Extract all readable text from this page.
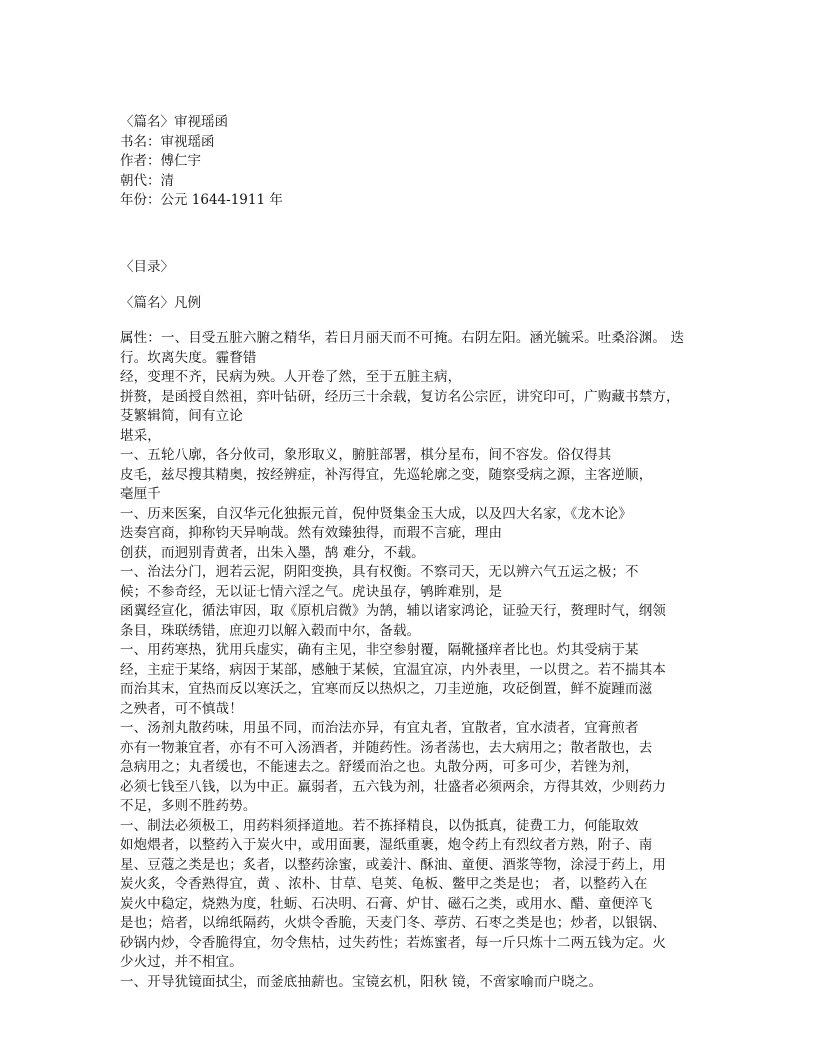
〈篇名〉审视瑶函
书名：审视瑶函
作者：傅仁宇
朝代：清
年份：公元 1644-1911 年
〈目录〉
〈篇名〉凡例
属性：一、目受五脏六腑之精华，若日月丽天而不可掩。右阴左阳。涵光毓采。吐桑浴渊。 迭
行。坎离失度。霾瞀错
经，变理不齐，民病为殃。人开卷了然，至于五脏主病，
拼赘，是函授自然祖，弈叶钻研，经历三十余载，复访名公宗匠，讲究印可，广购藏书禁方，
芟繁辑简，间有立论
堪采，
一、五轮八廓，各分攸司，象形取义，腑脏部署，棋分星布，间不容发。俗仅得其
皮毛，兹尽搜其精奥，按经辨症，补泻得宜，先巡轮廓之变，随察受病之源，主客逆顺，
毫厘千
一、历来医案，自汉华元化独振元首，倪仲贤集金玉大成，以及四大名家，《龙木论》
迭奏宫商，抑称钧天异响哉。然有效臻独得，而瑕不言疵，理由
创获，而迥别青黄者，出朱入墨，鹄 难分，不载。
一、治法分门，迥若云泥，阴阳变换，具有权衡。不察司天，无以辨六气五运之极；不
候；不参奇经，无以证七情六淫之气。虎诀虽存，鸲眸难别，是
函翼经宣化，循法审因，取《原机启微》为鹄，辅以诸家鸿论，证验天行，赘理时气，纲领
条目，珠联绣错，庶迎刃以解入毂而中尔，备载。
一、用药寒热，犹用兵虚实，确有主见，非空参射覆，隔靴搔痒者比也。灼其受病于某
经，主症于某络，病因于某部，感触于某候，宜温宜凉，内外表里，一以贯之。若不揣其本
而治其末，宜热而反以寒沃之，宜寒而反以热炽之，刀圭逆施，攻砭倒置，鲜不旋踵而滋
之殃者，可不慎哉！
一、汤剂丸散药味，用虽不同，而治法亦异，有宜丸者，宜散者，宜水渍者，宜膏煎者
亦有一物兼宜者，亦有不可入汤酒者，并随药性。汤者荡也，去大病用之；散者散也，去
急病用之；丸者缓也，不能速去之。舒缓而治之也。丸散分两，可多可少，若锉为剂，
必须七钱至八钱，以为中正。羸弱者，五六钱为剂，壮盛者必须两余，方得其效，少则药力
不足，多则不胜药势。
一、制法必须极工，用药料须择道地。若不拣择精良，以伪抵真，徒费工力，何能取效
如炮煨者，以整药入于炭火中，或用面裹，湿纸重裹，炮令药上有烈纹者方熟，附子、南
星、豆蔻之类是也；炙者，以整药涂蜜，或姜汁、酥油、童便、酒浆等物，涂浸于药上，用
炭火炙，令香熟得宜，黄 、浓朴、甘草、皂荚、龟板、鳖甲之类是也； 者，以整药入在
炭火中稳定，烧熟为度，牡蛎、石决明、石膏、炉甘、磁石之类，或用水、醋、童便淬飞
是也；焙者，以绵纸隔药，火烘令香脆，天麦门冬、葶苈、石枣之类是也；炒者，以银锅、
砂锅内炒，令香脆得宜，勿令焦枯，过失药性；若炼蜜者，每一斤只炼十二两五钱为定。火
少火过，并不相宜。
一、开导犹镜面拭尘，而釜底抽薪也。宝镜玄机，阳秋 镜，不啻家喻而户晓之。
